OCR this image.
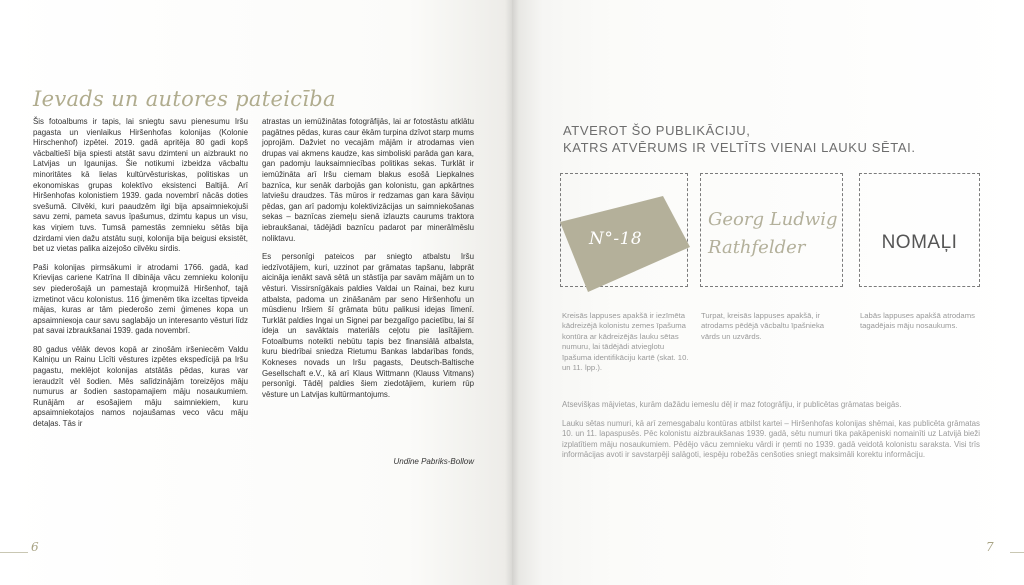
Ievads un autores pateicība

Šis fotoalbums ir tapis, lai sniegtu savu pienesumu Iršu pagasta un vienlaikus Hiršenhofas kolonijas (Kolonie Hirschenhof) izpētei. 2019. gadā apritēja 80 gadi kopš vācbaltiešī bija spiesti atstāt savu dzimteni un aizbraukt no Latvijas un Igaunijas. Šie notikumi izbeidza vācbaltu minoritātes kā lielas kultūrvēsturiskas, politiskas un ekonomiskas grupas kolektīvo eksistenci Baltijā. Arī Hiršenhofas kolonistiem 1939. gada novembrī nācās doties svešumā. Cilvēki, kuri paaudzēm ilgi bija apsaimniekojuši savu zemi, pameta savus īpašumus, dzimtu kapus un visu, kas viņiem tuvs. Tumsā pamestās zemnieku sētās bija dzirdami vien dažu atstātu suņi, kolonija bija beigusi eksistēt, bet uz vietas palika aizejošo cilvēku sirdis.

Paši kolonijas pirmsākumi ir atrodami 1766. gadā, kad Krievijas cariene Katrīna II dibināja vācu zemnieku koloniju sev piederošajā un pamestajā kroņmuižā Hiršenhof, tajā izmetinot vācu kolonistus. 116 ģimenēm tika izceltas tipveida mājas, kuras ar tām piederošo zemi ģimenes kopa un apsaimnieкoja caur savu saglabājo un interesanto vēsturi līdz pat savai izbraukšanai 1939. gada novembrī.

80 gadus vēlāk devos kopā ar zinošām iršeniecēm Valdu Kalniņu un Rainu Līcīti vēstures izpētes ekspedīcijā pa Iršu pagastu, meklējot kolonijas atstātās pēdas, kuras var ieraudzīt vēl šodien. Mēs salīdzinājām toreizējos māju numurus ar šodien sastopamajiem māju nosaukumiem. Runājām ar esošajiem māju saimniekiem, kuru apsaimniekotajos namos nojaušamas veco vācu māju detaļas. Tās ir

atrastas un iemūžinātas fotogrāfijās, lai ar fotostāstu atklātu pagātnes pēdas, kuras caur ēkām turpina dzīvot starp mums joprojām. Dažviet no vecajām mājām ir atrodamas vien drupas vai akmens kaudze, kas simboliski parāda gan kara, gan padomju lauksaimniecības politikas sekas. Turklāt ir iemūžināta arī Iršu ciemam blakus esošā Liepkalnes baznīca, kur senāk darbojās gan kolonistu, gan apkārtnes latviešu draudzes. Tās mūros ir redzamas gan kara šāviņu pēdas, gan arī padomju kolektivizācijas un saimniekošanas sekas – baznīcas ziemeļu sienā izlauzts caurums traktora iebraukšanai, tādējādi baznīcu padarot par minerālmēslu noliktavu.

Es personīgi pateicos par sniegto atbalstu Iršu iedzīvotājiem, kuri, uzzinot par grāmatas tapšanu, labprāt aicināja ienākt savā sētā un stāstīja par savām mājām un to vēsturi. Vissirsnīgākais paldies Valdai un Rainai, bez kuru atbalsta, padoma un zināšanām par seno Hiršenhofu un mūsdienu Iršiem šī grāmata būtu palikusi idejas līmenī. Turklāt paldies Ingai un Signei par bezgalīgo pacietību, lai šī ideja un savāktais materiāls ceļotu pie lasītājiem. Fotoalbums noteikti nebūtu tapis bez finansiālā atbalsta, kuru biedrībai sniedza Rietumu Bankas labdarības fonds, Kokneses novads un Iršu pagasts, Deutsch-Baltische Gesellschaft e.V., kā arī Klaus Wittmann (Klauss Vitmans) personīgi. Tādēļ paldies šiem ziedotājiem, kuriem rūp vēsture un Latvijas kultūrmantojums.

Undīne Pabriks-Bollow
6
ATVEROT ŠO PUBLIKĀCIJU,
KATRS ATVĒRUMS IR VELTĪTS VIENAI LAUKU SĒTAI.
N°-18
Georg Ludwig
Rathfelder	NOMAĻI
Kreisās lappuses apakšā ir iezīmēta kādreizējā kolonistu zemes īpašuma kontūra ar kādreizējās lauku sētas numuru, lai tādējādi atvieglotu īpašuma identifikāciju kartē (skat. 10. un 11. lpp.).
Turpat, kreisās lappuses apakšā, ir atrodams pēdējā vācbaltu īpašnieka vārds un uzvārds.
Labās lappuses apakšā atrodams tagadējais māju nosaukums.

Atsevišķas mājvietas, kurām dažādu iemeslu dēļ ir maz fotogrāfiju, ir publicētas grāmatas beigās.

Lauku sētas numuri, kā arī zemesgabalu kontūras atbilst kartei – Hiršenhofas kolonijas shēmai, kas publicēta grāmatas 10. un 11. lapaspusēs. Pēc kolonistu aizbraukšanas 1939. gadā, sētu numuri tika pakāpeniski nomainīti uz Latvijā bieži izplatītiem māju nosaukumiem. Pēdējo vācu zemnieku vārdi ir ņemti no 1939. gadā veidotā kolonistu saraksta. Visi trīs informācijas avoti ir savstarpēji salāgoti, iespēju robežās cenšoties sniegt maksimāli korektu informāciju.

7
